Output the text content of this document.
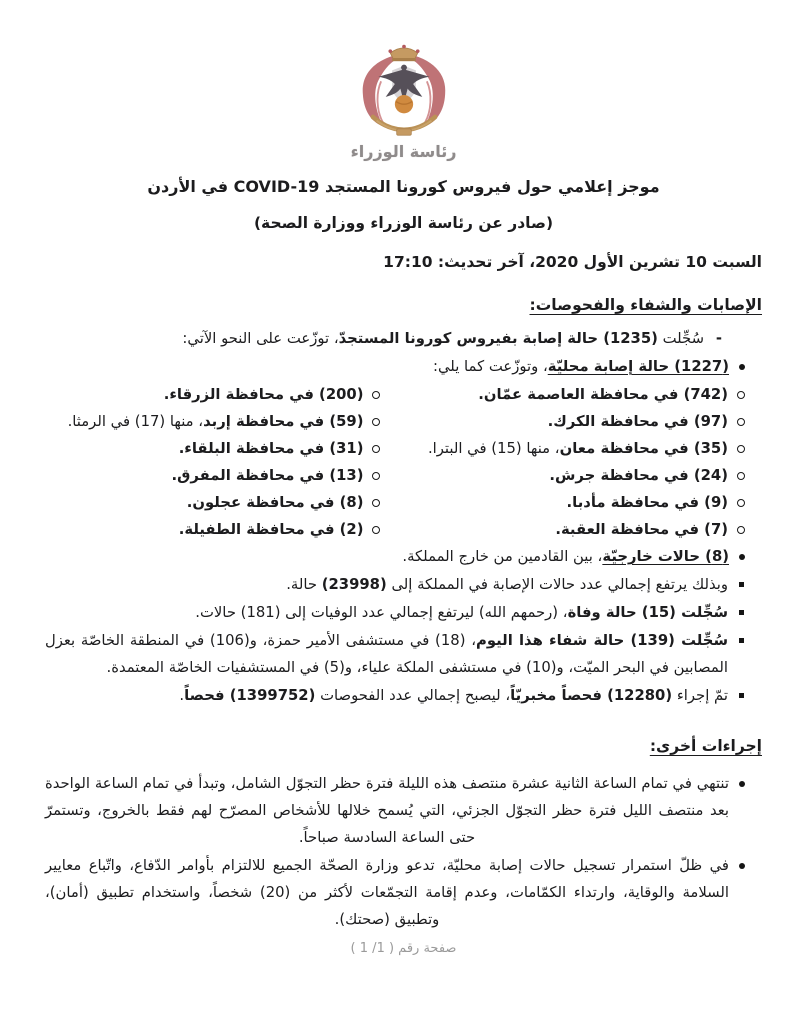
رئاسة الوزراء
موجز إعلامي حول فيروس كورونا المستجد COVID-19 في الأردن
(صادر عن رئاسة الوزراء ووزارة الصحة)
السبت 10 تشرين الأول 2020، آخر تحديث: 17:10
الإصابات والشفاء والفحوصات:
-
سُجِّلت (1235) حالة إصابة بفيروس كورونا المستجدّ، توزّعت على النحو الآتي:
(1227) حالة إصابة محليّة، وتوزّعت كما يلي:
(742) في محافظة العاصمة عمّان.
(200) في محافظة الزرقاء.
(97) في محافظة الكرك.
(59) في محافظة إربد، منها (17) في الرمثا.
(35) في محافظة معان، منها (15) في البترا.
(31) في محافظة البلقاء.
(24) في محافظة جرش.
(13) في محافظة المفرق.
(9) في محافظة مأدبا.
(8) في محافظة عجلون.
(7) في محافظة العقبة.
(2) في محافظة الطفيلة.
(8) حالات خارجيّة، بين القادمين من خارج المملكة.
وبذلك يرتفع إجمالي عدد حالات الإصابة في المملكة إلى (23998) حالة.
سُجِّلت (15) حالة وفاة، (رحمهم الله) ليرتفع إجمالي عدد الوفيات إلى (181) حالات.
سُجِّلت (139) حالة شفاء هذا اليوم، (18) في مستشفى الأمير حمزة، و(106) في المنطقة الخاصّة بعزل المصابين في البحر الميّت، و(10) في مستشفى الملكة علياء، و(5) في المستشفيات الخاصّة المعتمدة.
تمّ إجراء (12280) فحصاً مخبريّاً، ليصبح إجمالي عدد الفحوصات (1399752) فحصاً.
إجراءات أخرى:
تنتهي في تمام الساعة الثانية عشرة منتصف هذه الليلة فترة حظر التجوّل الشامل، وتبدأ في تمام الساعة الواحدة بعد منتصف الليل فترة حظر التجوّل الجزئي، التي يُسمح خلالها للأشخاص المصرّح لهم فقط بالخروج، وتستمرّ حتى الساعة السادسة صباحاً.
في ظلّ استمرار تسجيل حالات إصابة محليّة، تدعو وزارة الصحّة الجميع للالتزام بأوامر الدّفاع، واتّباع معايير السلامة والوقاية، وارتداء الكمّامات، وعدم إقامة التجمّعات لأكثر من (20) شخصاً، واستخدام تطبيق (أمان)، وتطبيق (صحتك).
صفحة رقم ( 1/ 1 )
